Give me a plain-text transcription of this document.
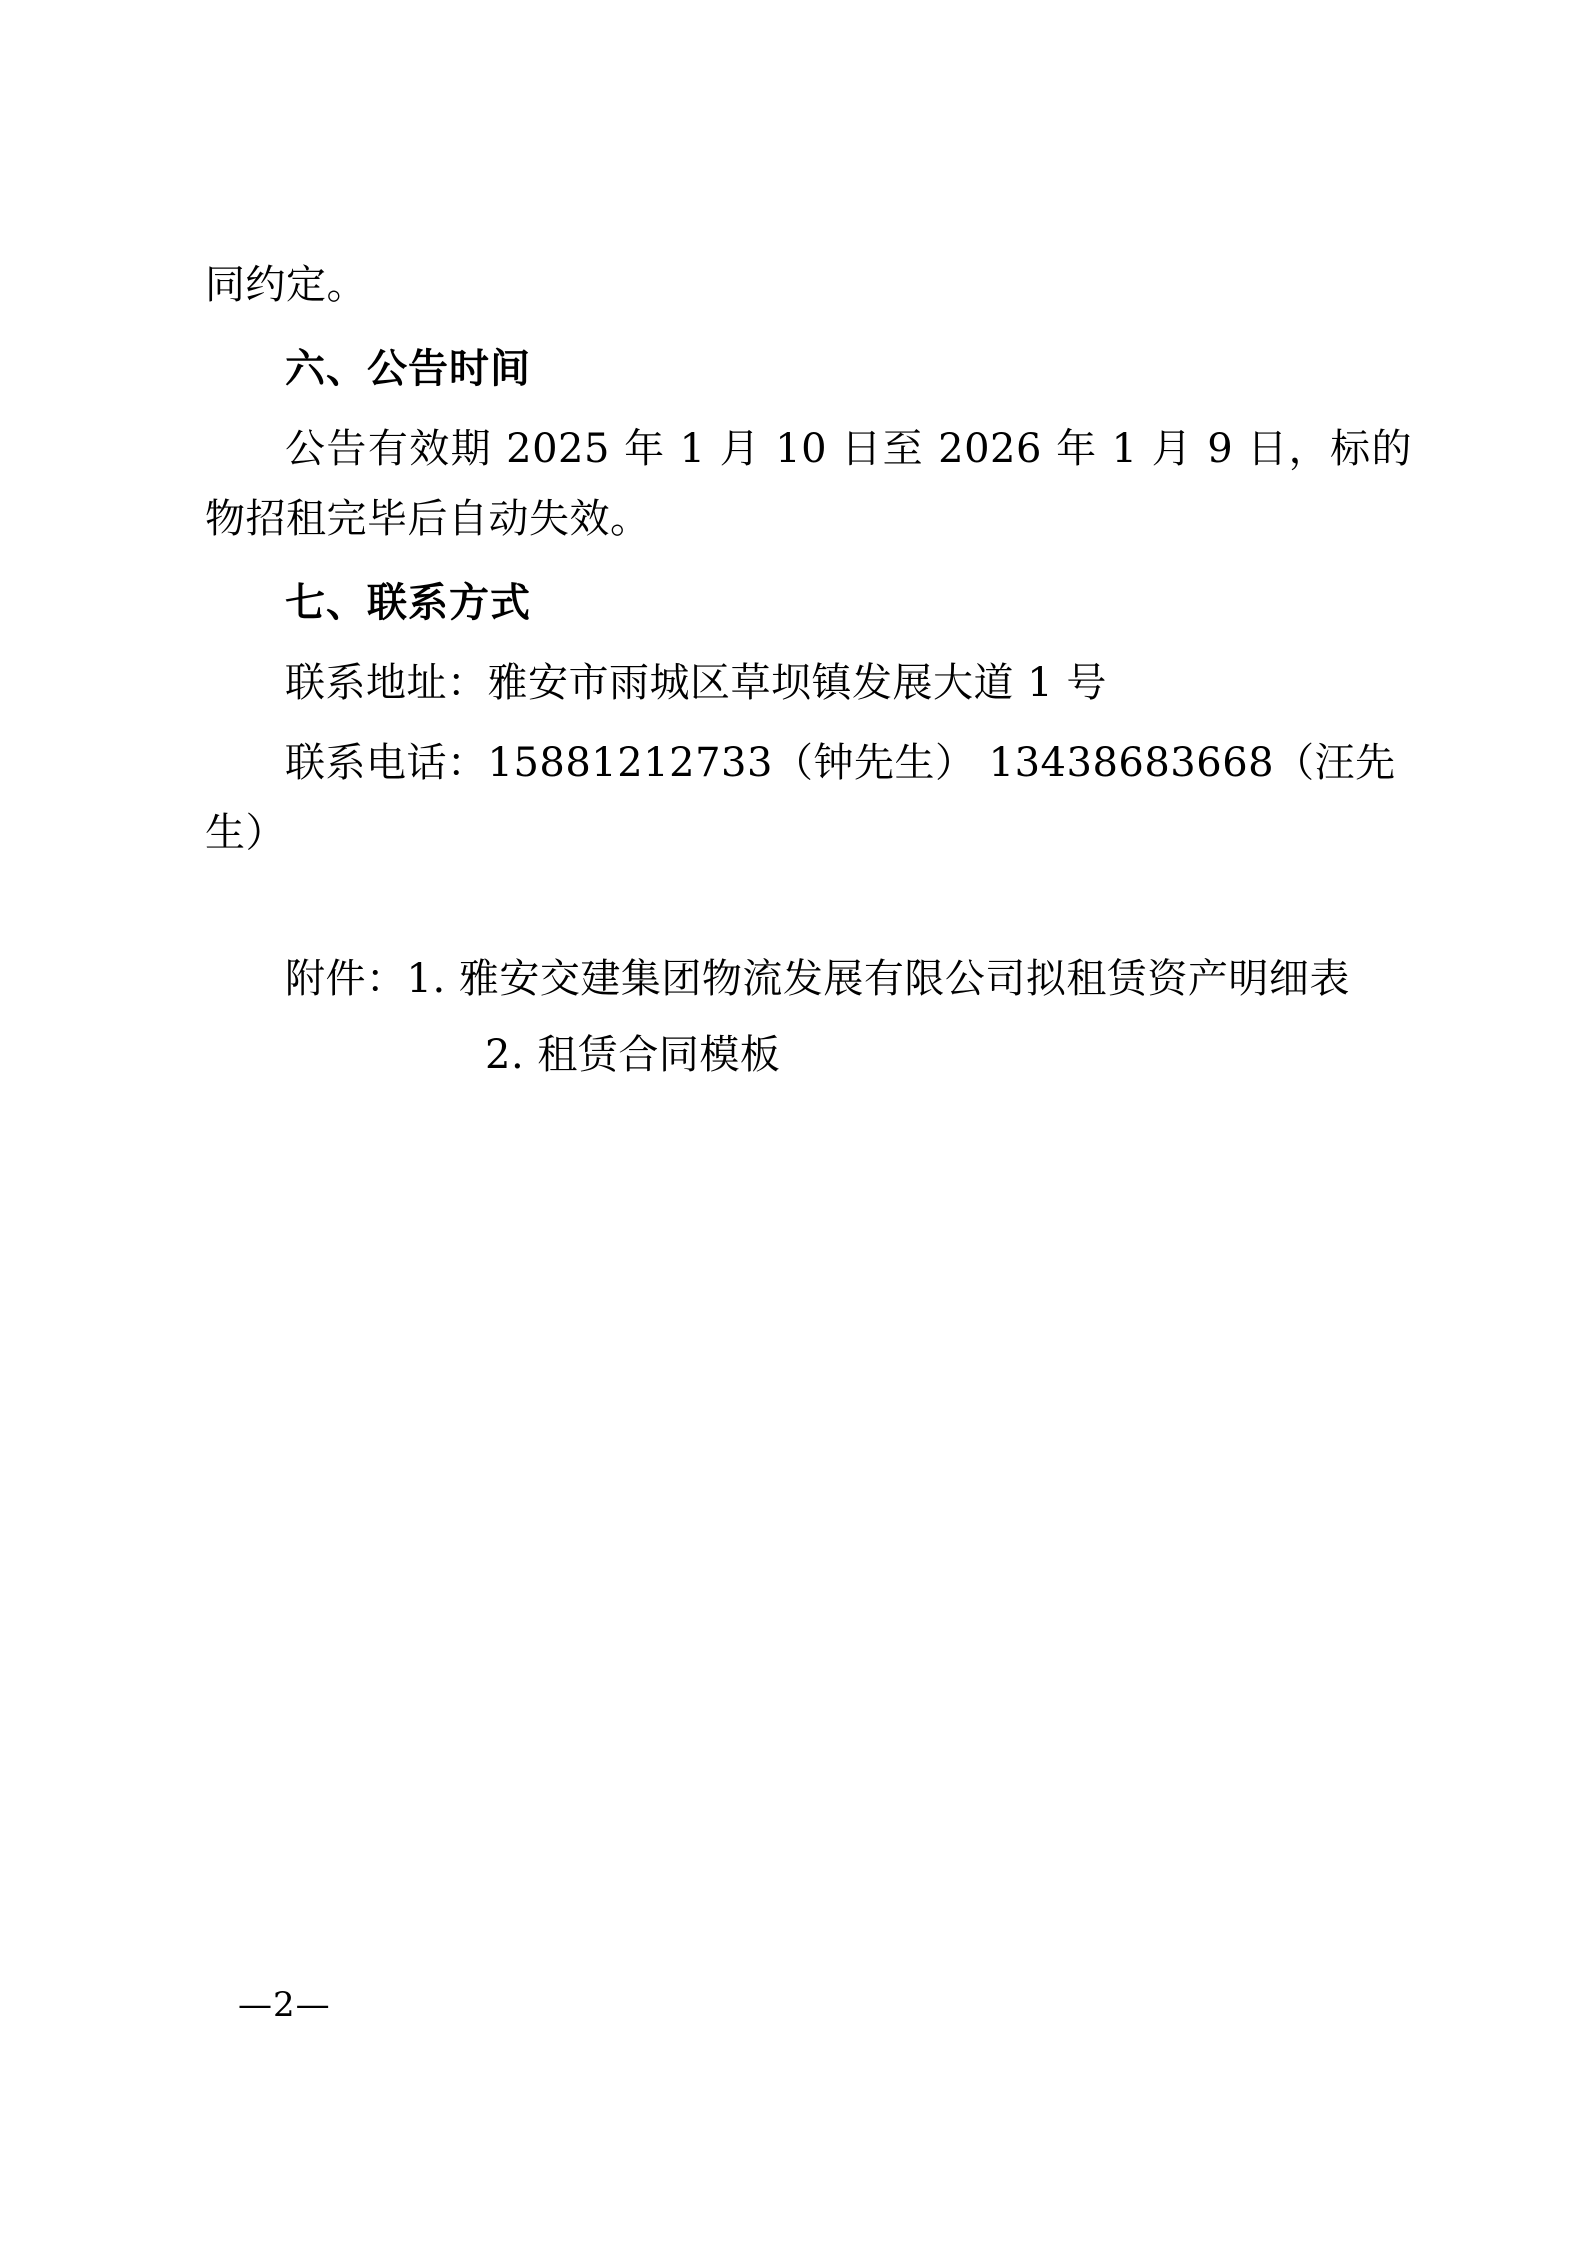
同约定。

六、公告时间

公告有效期 2025 年 1 月 10 日至 2026 年 1 月 9 日，标的物招租完毕后自动失效。

七、联系方式

联系地址：雅安市雨城区草坝镇发展大道 1 号

联系电话：15881212733（钟先生） 13438683668（汪先生）

附件：1. 雅安交建集团物流发展有限公司拟租赁资产明细表

2. 租赁合同模板

—2—
